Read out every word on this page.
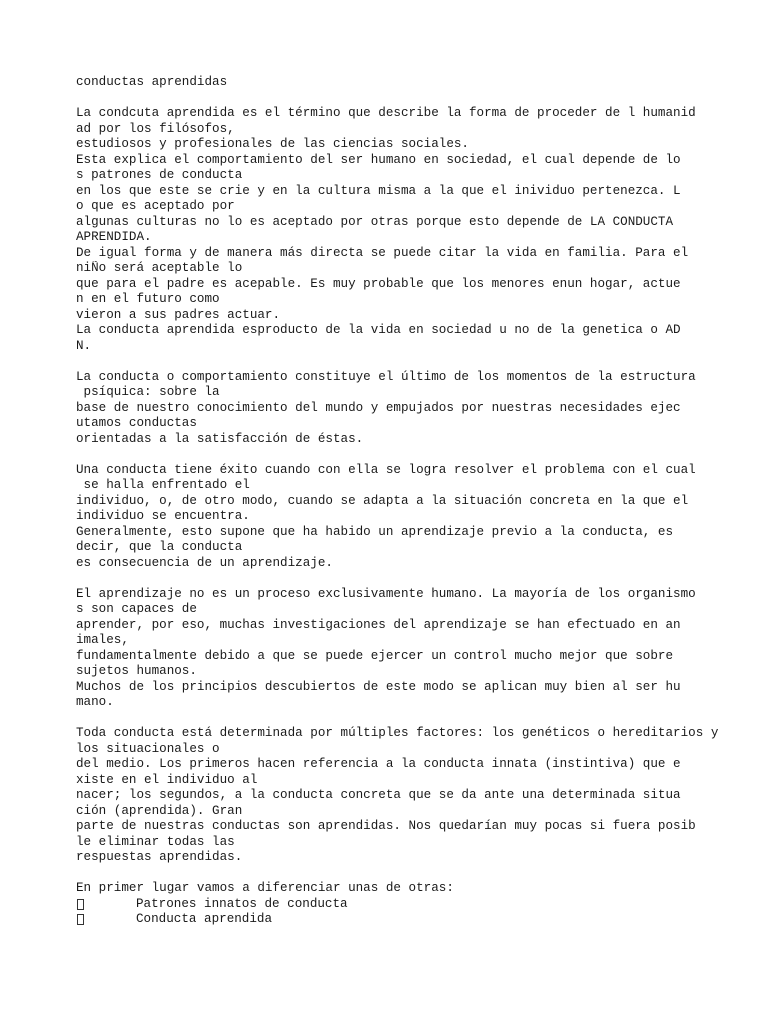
conductas aprendidas
La condcuta aprendida es el término que describe la forma de proceder de l humanid
ad por los filósofos,
estudiosos y profesionales de las ciencias sociales.
Esta explica el comportamiento del ser humano en sociedad, el cual depende de lo
s patrones de conducta
en los que este se crie y en la cultura misma a la que el inividuo pertenezca. L
o que es aceptado por
algunas culturas no lo es aceptado por otras porque esto depende de LA CONDUCTA
APRENDIDA.
De igual forma y de manera más directa se puede citar la vida en familia. Para el
niÑo será aceptable lo
que para el padre es acepable. Es muy probable que los menores enun hogar, actue
n en el futuro como
vieron a sus padres actuar.
La conducta aprendida esproducto de la vida en sociedad u no de la genetica o AD
N.
La conducta o comportamiento constituye el último de los momentos de la estructura
psíquica: sobre la
base de nuestro conocimiento del mundo y empujados por nuestras necesidades ejec
utamos conductas
orientadas a la satisfacción de éstas.
Una conducta tiene éxito cuando con ella se logra resolver el problema con el cual
se halla enfrentado el
individuo, o, de otro modo, cuando se adapta a la situación concreta en la que el
individuo se encuentra.
Generalmente, esto supone que ha habido un aprendizaje previo a la conducta, es
decir, que la conducta
es consecuencia de un aprendizaje.
El aprendizaje no es un proceso exclusivamente humano. La mayoría de los organismo
s son capaces de
aprender, por eso, muchas investigaciones del aprendizaje se han efectuado en an
imales,
fundamentalmente debido a que se puede ejercer un control mucho mejor que sobre
sujetos humanos.
Muchos de los principios descubiertos de este modo se aplican muy bien al ser hu
mano.
Toda conducta está determinada por múltiples factores: los genéticos o hereditarios y
los situacionales o
del medio. Los primeros hacen referencia a la conducta innata (instintiva) que e
xiste en el individuo al
nacer; los segundos, a la conducta concreta que se da ante una determinada situa
ción (aprendida). Gran
parte de nuestras conductas son aprendidas. Nos quedarían muy pocas si fuera posib
le eliminar todas las
respuestas aprendidas.
En primer lugar vamos a diferenciar unas de otras:
Patrones innatos de conducta
Conducta aprendida
